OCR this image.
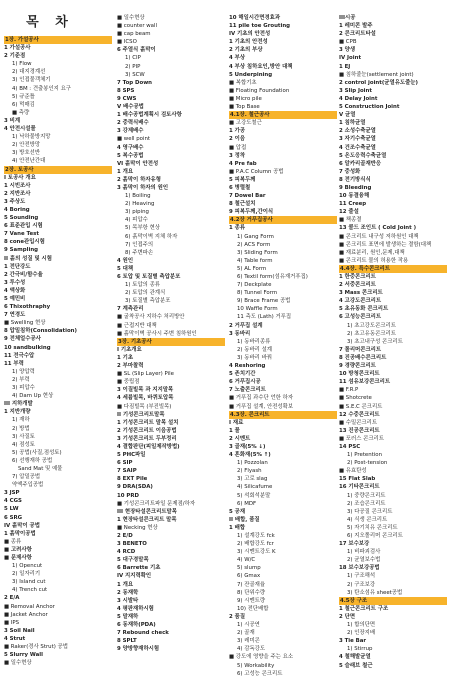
목 차
1장. 가설공사
1 가설공사
2 기준점
1) Flow
2) 대지경계선
3) 인접물객체기
4) BM : 견출봉인지 요구
5) 규준틀
6) 먹매김
■ 측량
3 비계
4 안전시설물
1) 낙하물방지망
2) 안전방망
3) 방호선반
4) 안전난간대
2장. 토공사
I 토공사 개요
1 시빈조사
2 지반조사
3 주상도
4 Boring
5 Sounding
6 표준관입 시험
7 Vane Test
8 cone관입시험
9 Sampling
II 흙의 성질 및 시험
1 전단강도
2 간극비/함수율
3 투수성
4 액상화
5 예민비
6 Thixothraphy
7 연경도
■ Swelling 현상
8 압밀침하(Consolidation)
9 전체얼수공사
10 sandbulking
11 전극수압
11 부력
1) 양압력
2) 부력
3) 피압수
4) Dam Up 현상
III 지하개발
1 지반개량
1) 재하
2) 방법
3) 사질토
4) 점성토
5) 공법(사질,점성토)
6) 선행재하 공법
Sand Mat 및 예물
7) 압밀공법
약액주입공법
3 JSP
4 CGS
5 LW
6 SRG
IV 흙막이 공법
1 흙막이공법
■ 종류
■ 고려사항
■ 문제사항
1) Opencut
2) 일자리기
3) Island cut
4) Trench cut
2 E/A
■ Removal Anchor
■ Jacket Anchor
■ IPS
3 Soil Nail
4 Strut
■ Raker(경사 Strut) 공법
5 Slurry Wall
■ 일수현상
■ 일수현상
■ counter wall
■ cap beam
■ ICSO
6 주열식 흙막이
1) CIP
2) PIP
3) SCW
7 Top Down
8 SPS
9 CWS
V 배수공법
1 배수공법계획시 검토사항
2 중력식배수
3 강제배수
■ well point
4 영구배수
5 복수공법
VI 흙막이 안전성
1 개요
2 흙막이 하자유형
3 흙막이 하자의 원인
1) Boiling
2) Heaving
3) piping
4) 피압수
5) 목부항 현상
6) 흙막이벽 지체 하자
7) 인접주의
8) 주변파손
4 원인
5 대책
6 토압 및 토질별 측압분포
1) 토압의 종류
2) 토압의 관계식
3) 토질별 측압분포
7 계측관리
■ 굴착공사 지하수 처리방안
■ 근접지반 대책
■ 흙막이벽 공사시 주변 침하원인
3장. 기초공사
I 기초개요
1 기초
2 부마찰력
■ SL (Slip Layer) Pile
■ 중립점
3 이질빌목 과 지지말목
4 세륨빌목, 바퀴토압목
■ 다짐빌목 (부진빌목)
II 기성콘크리트말목
1 기성콘크리트 말목 설치
2 기성콘크리트 이음공법
3 기성콘크리트 두부정리
4 결합판단(피일제작방법)
5 PHC파일
6 SIP
7 SAIP
8 EXT Pile
9 DRA(SDA)
10 PRD
■ 기성콘크리트파일 문제점/하자
III 현장타설콘크리트말목
1 현장타설콘크리트 말목
■ Necking 현상
2 E/D
3 BENETO
4 RCD
5 대구경말목
6 Barrette 기초
IV 지지력확인
1 개요
2 동재학
3 시발타
4 평판재하시험
5 말재하
6 동재하(PDA)
7 Rebound check
8 SPLT
9 양방향재하시험
10 해일시간면경효과
11 pile toe Grouting
IV 기초의 안전성
1 기초의 안전성
2 기초의 부상
4 부상
4 부상 침하요인,방안 대책
5 Underpining
■ 복합기초
■ Floating Foundation
■ Micro pile
■ Top Base
4.1장. 철근공사
■ 고강도철근
1 가공
2 이음
■ 압접
3 정착
4 Pre fab
■ P.A.C Column 공법
5 피복두께
6 병렬철
7 Dowel Bar
8 철근설치
9 피복두께,간이식
4.2장 거푸집공사
1 종류
1) Gang Form
2) ACS Form
3) Sliding Form
4) Table form
5) AL Form
6) Textil form(섬유재거푸집)
7) Deckplate
8) Tunnel Form
9) Brace Frame 공법
10 Waffle Form
11 측도 (Lath) 거푸집
2 거푸집 설계
3 동바리
1) 동바리종류
2) 동바리 설계
3) 동바리 바꿔
4 Reshoring
5 존치기간
6 거푸집시공
7 노출콘크리트
■ 거푸집 과수단 언한 하자
■ 거푸집 설계, 안전성확보
4.3장. 콘크리트
I 재료
1 물
2 시멘트
3 골재(5% ↓)
4 혼화재(5% ↑)
1) Pozzolan
2) Flyash
3) 고로 slag
4) Silicafume
5) 석회석분말
6) MDF
5 공재
II 배합, 품질
1 배합
1) 설계강도 fck
2) 배합강도 fcr
3) 시멘트강도 K
4) W/C
5) slump
6) Gmax
7) 잔골재율
8) 단위수량
9) 시멘트량
10) 전단배합
2 품질
1) 시공연
2) 골재
3) 레미콘
4) 감독강도
■ 강도에 영향을 주는 요소
5) Workability
6) 고성능 콘크리트
III시공
1 레미콘 발주
2 콘크리트타설
■ CPB
3 양생
IV Joint
1 EJ
■ 침하줄눈(settlement joint)
2 control joint(균열유도줄눈)
3 Slip Joint
4 Delay Joint
5 Construction Joint
V 균열
1 침하균열
2 소성수축균열
3 자기수축균열
4 건조수축균열
5 온도응력수축균열
6 알카리골재반응
7 중성화
8 전기방식식
9 Bleeding
10 동결융해
11 Creep
12 줄설
■ 책종결
13 콜드 조인트 ( Cold Joint )
■ 콘크리트 내구성 저하원인 대책
■ 콘크리트 표면에 발생하는 결함(대책
■ 재료분리, 원인,문제,대책
■ 콘크리트 물의 허용한 작용
4.4장. 특수콘크리트
1 한중콘크리트
2 서중콘크리트
3 Mass 콘크리트
4 고강도콘크리트
5 초유동화 콘크리트
6 고성능콘크리트
1) 초고강도콘크리트
2) 초고유동콘크리트
3) 초고내구성 콘크리트
7 폴리머콘크리트
8 진공배수콘크리트
9 경량콘크리트
10 방청콘크리트
11 섬유보강콘크리트
■ F.R.P
■ Shotcrete
■ S.E.C 콘크리트
12 수중콘크리트
■ 수밀콘크리트
13 진공콘크리트
■ 포러스 콘크리트
14 PSC
1) Pretention
2) Post-tension
■ 유효탄성
15 Flat Slab
16 기타콘크리트
1) 중량콘크리트
2) 조습콘크리트
3) 다공질 콘크리트
4) 식생 콘크리트
5) 자기치유 콘크리트
6) 지오폴리머 콘크리트
17 보수보강
1) 비파괴검사
2) 균열보수법
18 보수보강공법
1) 구조해석
2) 구조보강
3) 탄소섬유 sheet공법
4.5장 구조
1 철근콘크리트 구조
2 단면
1) 합의단면
2) 인장지배
3 Tie Bar
1) Stirrup
4 철해발균열
5 슬래브 철근
